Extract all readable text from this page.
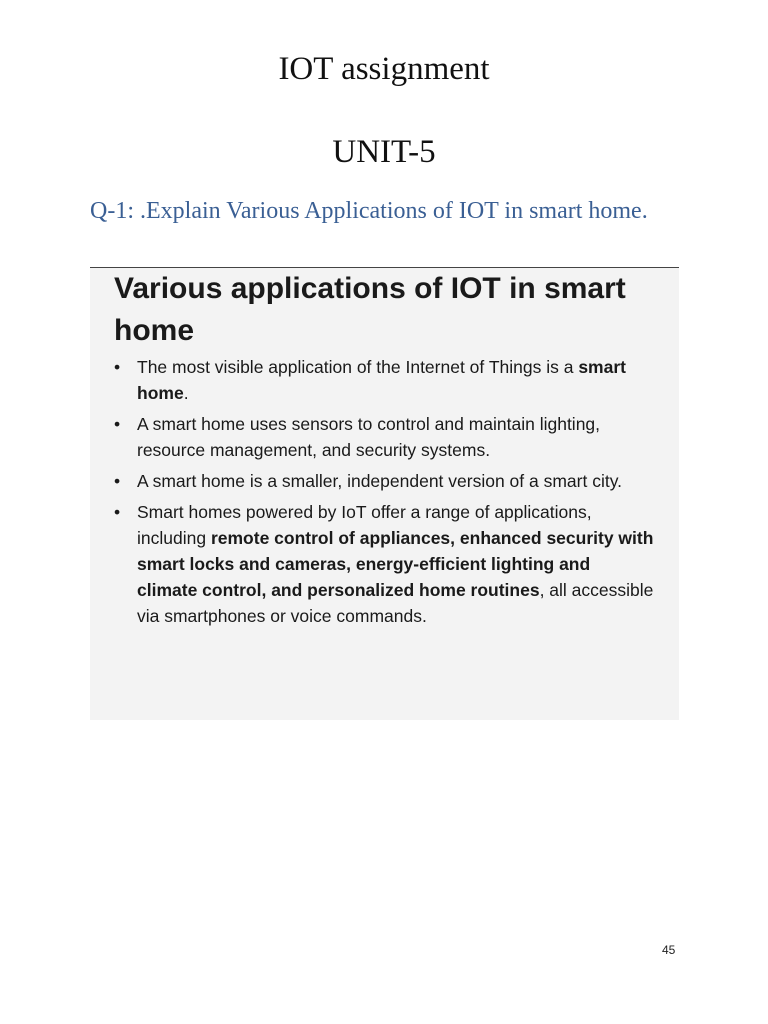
IOT assignment
UNIT-5
Q-1: .Explain Various Applications of IOT in smart home.
Various applications of IOT in smart home
• The most visible application of the Internet of Things is a smart home.
• A smart home uses sensors to control and maintain lighting, resource management, and security systems.
• A smart home is a smaller, independent version of a smart city.
• Smart homes powered by IoT offer a range of applications, including remote control of appliances, enhanced security with smart locks and cameras, energy-efficient lighting and climate control, and personalized home routines, all accessible via smartphones or voice commands.
45
